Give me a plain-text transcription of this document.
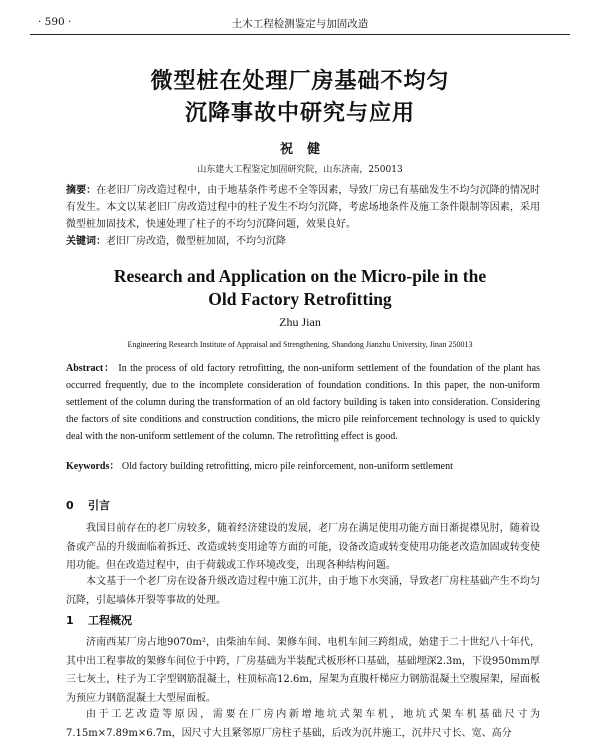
· 590 ·	土木工程检测鉴定与加固改造
微型桩在处理厂房基础不均匀
沉降事故中研究与应用
祝健
山东建大工程鉴定加固研究院，山东济南，250013
摘要：在老旧厂房改造过程中，由于地基条件考虑不全等因素，导致厂房已有基础发生不均匀沉降的情况时有发生。本文以某老旧厂房改造过程中的柱子发生不均匀沉降，考虑场地条件及施工条件限制等因素，采用微型桩加固技术，快速处理了柱子的不均匀沉降问题，效果良好。
关键词：老旧厂房改造，微型桩加固，不均匀沉降
Research and Application on the Micro-pile in the
Old Factory Retrofitting
Zhu Jian
Engineering Research Institute of Appraisal and Strengthening, Shandong Jianzhu University, Jinan 250013
Abstract： In the process of old factory retrofitting, the non-uniform settlement of the foundation of the plant has occurred frequently, due to the incomplete consideration of foundation conditions. In this paper, the non-uniform settlement of the column during the transformation of an old factory building is taken into consideration. Considering the factors of site conditions and construction conditions, the micro pile reinforcement technology is used to quickly deal with the non-uniform settlement of the column. The retrofitting effect is good.
Keywords： Old factory building retrofitting, micro pile reinforcement, non-uniform settlement
0 引言
我国目前存在的老厂房较多，随着经济建设的发展，老厂房在满足使用功能方面日渐捉襟见肘，随着设备或产品的升级面临着拆迁、改造或转变用途等方面的可能，设备改造或转变使用功能老改造加固或转变使用功能。但在改造过程中，由于荷载或工作环境改变，出现各种结构问题。
本文基于一个老厂房在设备升级改造过程中施工沉井，由于地下水突涌，导致老厂房柱基础产生不均匀沉降，引起墙体开裂等事故的处理。
1 工程概况
济南西某厂房占地9070m²，由柴油车间、架修车间、电机车间三跨组成，始建于二十世纪八十年代，其中出工程事故的架修车间位于中跨，厂房基础为半装配式板形杯口基础，基础埋深2.3m，下设950mm厚三七灰土，柱子为工字型钢筋混凝土，柱顶标高12.6m，屋架为直腹杆梯应力钢筋混凝土空腹屋架，屋面板为预应力钢筋混凝土大型屋面板。
由于工艺改造等原因，需要在厂房内新增地坑式架车机，地坑式架车机基础尺寸为7.15m×7.89m×6.7m，因尺寸大且紧邻原厂房柱子基础，后改为沉井施工，沉井尺寸长、宽、高分
